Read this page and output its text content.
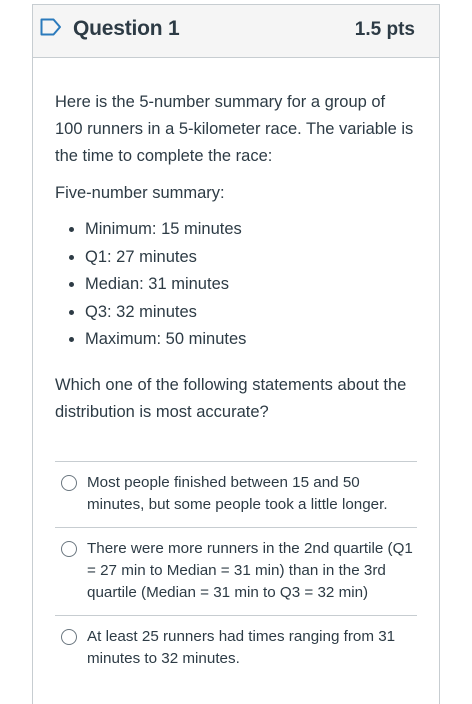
Question 1	1.5 pts

Here is the 5-number summary for a group of 100 runners in a 5-kilometer race. The variable is the time to complete the race:

Five-number summary:

• Minimum: 15 minutes
• Q1: 27 minutes
• Median: 31 minutes
• Q3: 32 minutes
• Maximum: 50 minutes

Which one of the following statements about the distribution is most accurate?

Most people finished between 15 and 50 minutes, but some people took a little longer.
There were more runners in the 2nd quartile (Q1 = 27 min to Median = 31 min) than in the 3rd quartile (Median = 31 min to Q3 = 32 min)
At least 25 runners had times ranging from 31 minutes to 32 minutes.
